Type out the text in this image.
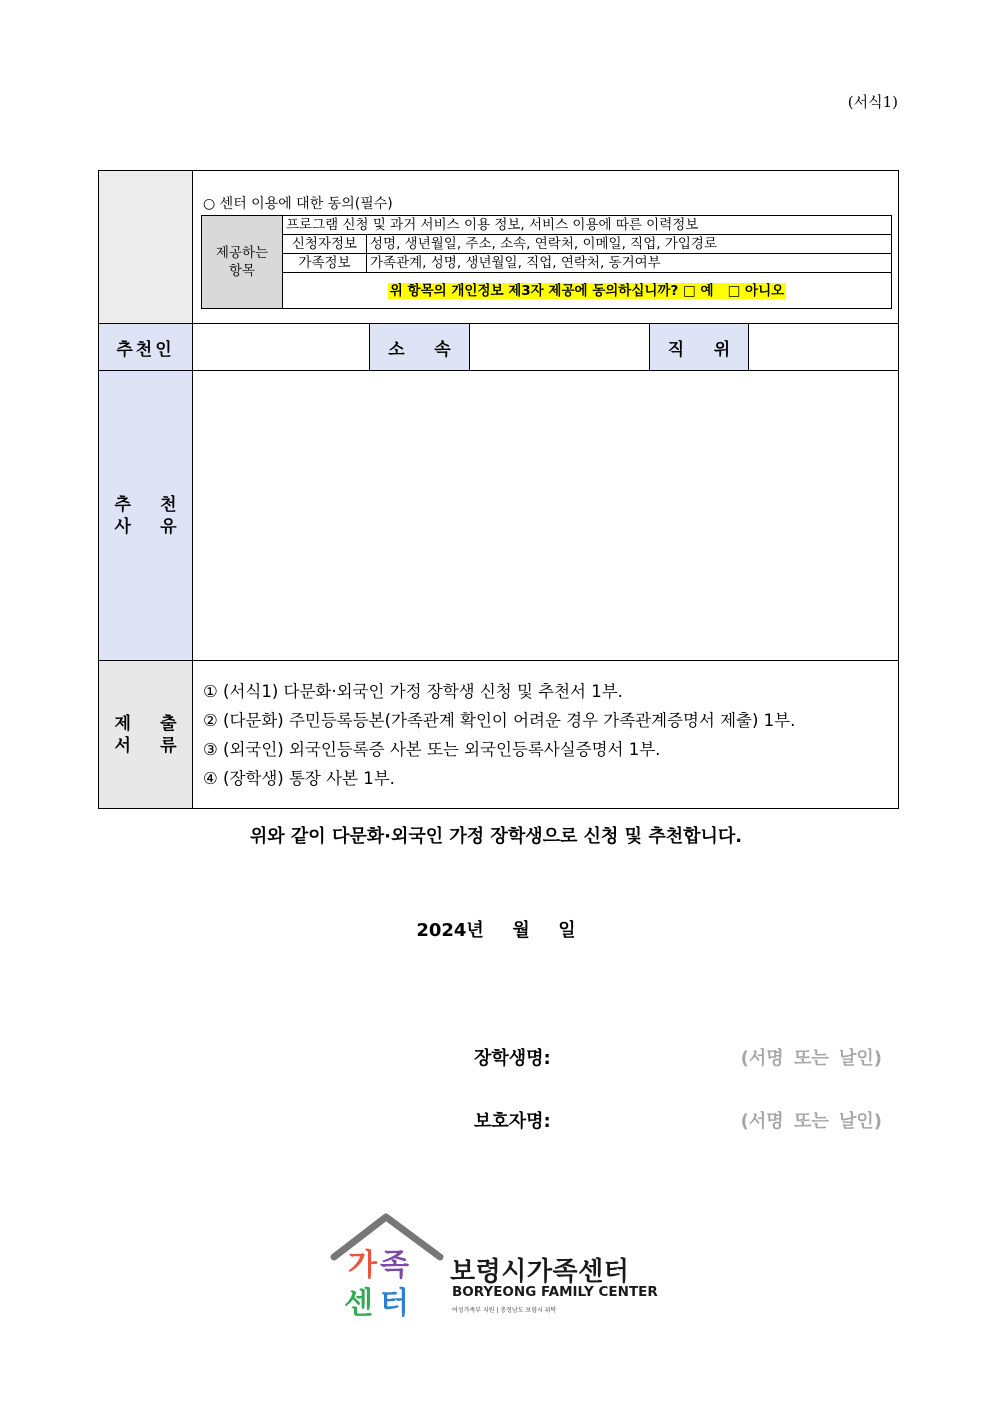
(서식1)

○ 센터 이용에 대한 동의(필수)
제공하는 항목	프로그램 신청 및 과거 서비스 이용 정보, 서비스 이용에 따른 이력정보
신청자정보	성명, 생년월일, 주소, 소속, 연락처, 이메일, 직업, 가입경로
가족정보	가족관계, 성명, 생년월일, 직업, 연락처, 동거여부
위 항목의 개인정보 제3자 제공에 동의하십니까? □ 예   □ 아니오

추천인		소     속		직     위	
추 천
사 유	
제 출
서 류	
① (서식1) 다문화·외국인 가정 장학생 신청 및 추천서 1부.
② (다문화) 주민등록등본(가족관계 확인이 어려운 경우 가족관계증명서 제출) 1부.
③ (외국인) 외국인등록증 사본 또는 외국인등록사실증명서 1부.
④ (장학생) 통장 사본 1부.
위와 같이 다문화·외국인 가정 장학생으로 신청 및 추천합니다.
2024년  월  일
장학생명:	(서명 또는 날인)
보호자명:	(서명 또는 날인)
가 족
센 터
보령시가족센터
BORYEONG FAMILY CENTER
여성가족부 지원 | 충청남도 보령시 위탁
